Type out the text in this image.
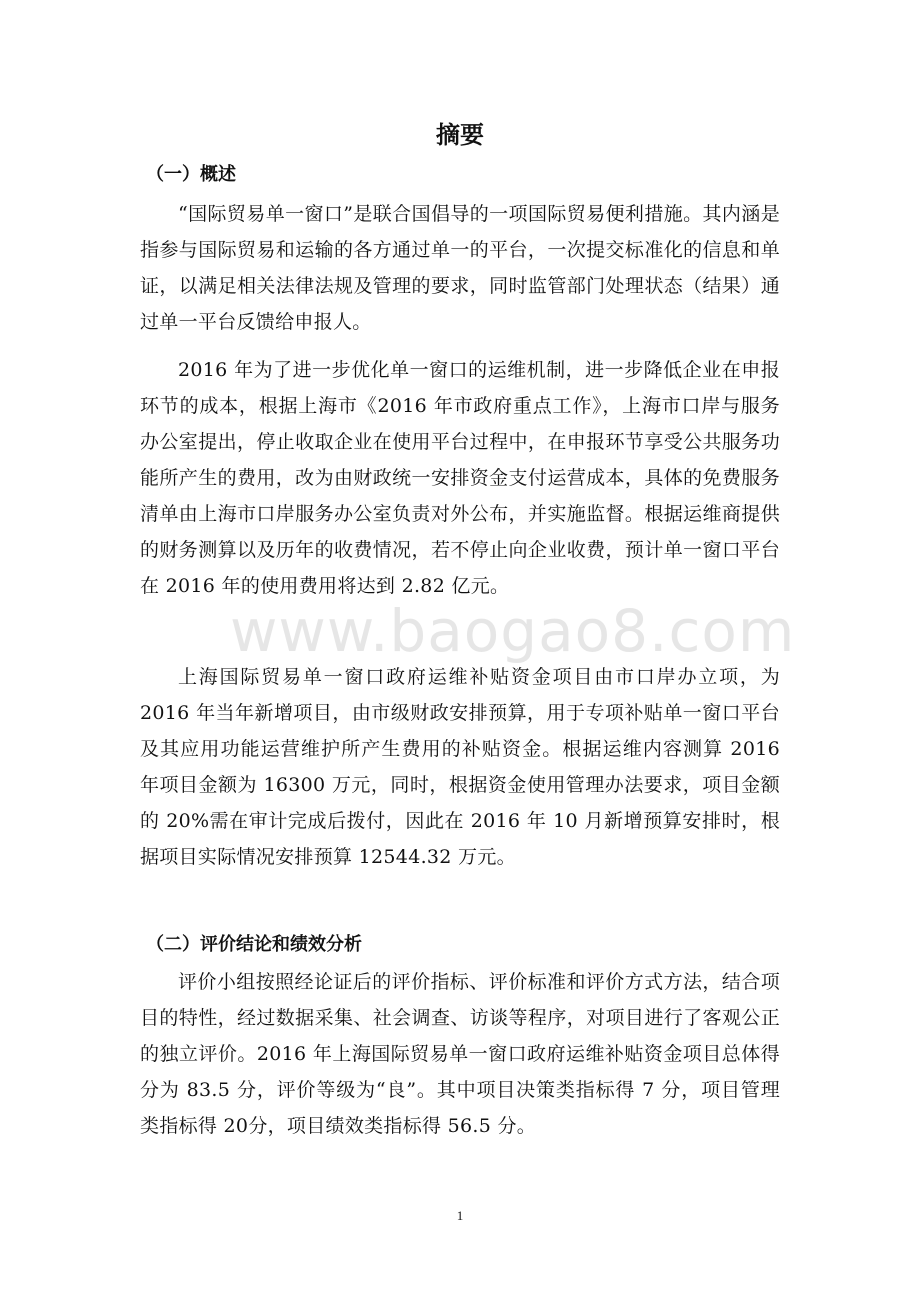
摘要
（一）概述

“国际贸易单一窗口”是联合国倡导的一项国际贸易便利措施。其内涵是指参与国际贸易和运输的各方通过单一的平台，一次提交标准化的信息和单证，以满足相关法律法规及管理的要求，同时监管部门处理状态（结果）通过单一平台反馈给申报人。

2016 年为了进一步优化单一窗口的运维机制，进一步降低企业在申报环节的成本，根据上海市《2016 年市政府重点工作》，上海市口岸与服务办公室提出，停止收取企业在使用平台过程中，在申报环节享受公共服务功能所产生的费用，改为由财政统一安排资金支付运营成本，具体的免费服务清单由上海市口岸服务办公室负责对外公布，并实施监督。根据运维商提供的财务测算以及历年的收费情况，若不停止向企业收费，预计单一窗口平台在 2016 年的使用费用将达到 2.82 亿元。

上海国际贸易单一窗口政府运维补贴资金项目由市口岸办立项，为 2016 年当年新增项目，由市级财政安排预算，用于专项补贴单一窗口平台及其应用功能运营维护所产生费用的补贴资金。根据运维内容测算 2016 年项目金额为 16300 万元，同时，根据资金使用管理办法要求，项目金额的 20%需在审计完成后拨付，因此在 2016 年 10 月新增预算安排时，根据项目实际情况安排预算 12544.32 万元。

（二）评价结论和绩效分析

评价小组按照经论证后的评价指标、评价标准和评价方式方法，结合项目的特性，经过数据采集、社会调查、访谈等程序，对项目进行了客观公正的独立评价。2016 年上海国际贸易单一窗口政府运维补贴资金项目总体得分为 83.5 分，评价等级为“良”。其中项目决策类指标得 7 分，项目管理类指标得 20分，项目绩效类指标得 56.5 分。

www.baogao8.com
1
